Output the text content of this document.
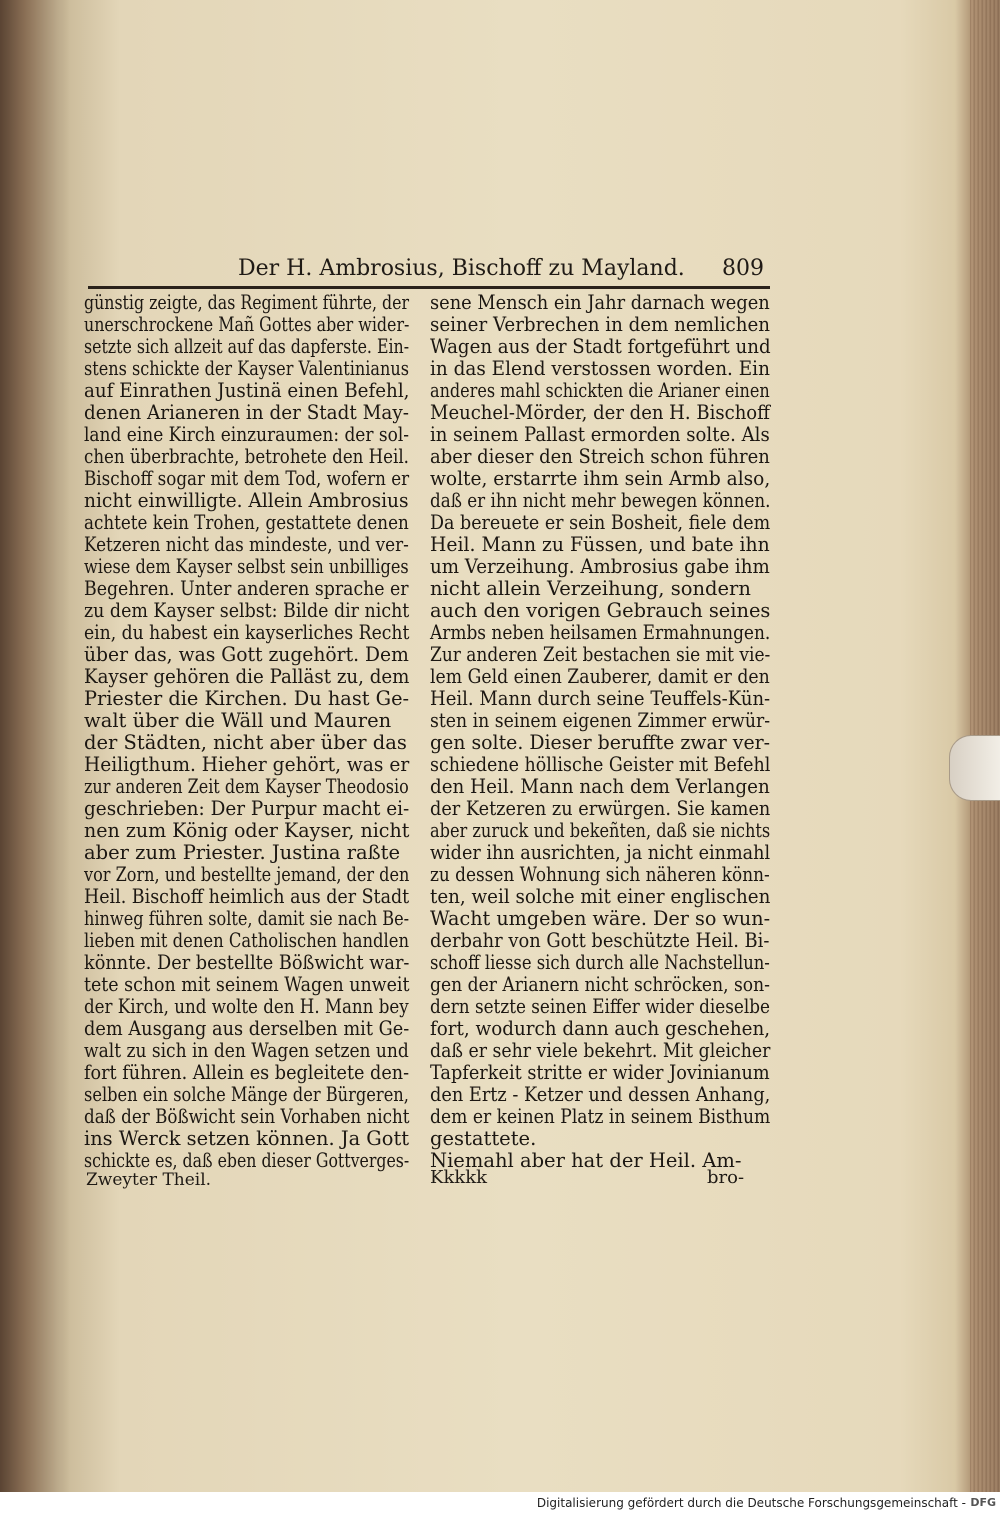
Der H. Ambrosius, Bischoff zu Mayland. 809
günstig zeigte, das Regiment führte, der
unerschrockene Mañ Gottes aber wider-
setzte sich allzeit auf das dapferste. Ein-
stens schickte der Kayser Valentinianus
auf Einrathen Justinä einen Befehl,
denen Arianeren in der Stadt May-
land eine Kirch einzuraumen: der sol-
chen überbrachte, betrohete den Heil.
Bischoff sogar mit dem Tod, wofern er
nicht einwilligte. Allein Ambrosius
achtete kein Trohen, gestattete denen
Ketzeren nicht das mindeste, und ver-
wiese dem Kayser selbst sein unbilliges
Begehren. Unter anderen sprache er
zu dem Kayser selbst: Bilde dir nicht
ein, du habest ein kayserliches Recht
über das, was Gott zugehört. Dem
Kayser gehören die Palläst zu, dem
Priester die Kirchen. Du hast Ge-
walt über die Wäll und Mauren
der Städten, nicht aber über das
Heiligthum. Hieher gehört, was er
zur anderen Zeit dem Kayser Theodosio
geschrieben: Der Purpur macht ei-
nen zum König oder Kayser, nicht
aber zum Priester. Justina raßte
vor Zorn, und bestellte jemand, der den
Heil. Bischoff heimlich aus der Stadt
hinweg führen solte, damit sie nach Be-
lieben mit denen Catholischen handlen
könnte. Der bestellte Bößwicht war-
tete schon mit seinem Wagen unweit
der Kirch, und wolte den H. Mann bey
dem Ausgang aus derselben mit Ge-
walt zu sich in den Wagen setzen und
fort führen. Allein es begleitete den-
selben ein solche Mänge der Bürgeren,
daß der Bößwicht sein Vorhaben nicht
ins Werck setzen können. Ja Gott
schickte es, daß eben dieser Gottverges-
sene Mensch ein Jahr darnach wegen
seiner Verbrechen in dem nemlichen
Wagen aus der Stadt fortgeführt und
in das Elend verstossen worden. Ein
anderes mahl schickten die Arianer einen
Meuchel-Mörder, der den H. Bischoff
in seinem Pallast ermorden solte. Als
aber dieser den Streich schon führen
wolte, erstarrte ihm sein Armb also,
daß er ihn nicht mehr bewegen können.
Da bereuete er sein Bosheit, fiele dem
Heil. Mann zu Füssen, und bate ihn
um Verzeihung. Ambrosius gabe ihm
nicht allein Verzeihung, sondern
auch den vorigen Gebrauch seines
Armbs neben heilsamen Ermahnungen.
Zur anderen Zeit bestachen sie mit vie-
lem Geld einen Zauberer, damit er den
Heil. Mann durch seine Teuffels-Kün-
sten in seinem eigenen Zimmer erwür-
gen solte. Dieser beruffte zwar ver-
schiedene höllische Geister mit Befehl
den Heil. Mann nach dem Verlangen
der Ketzeren zu erwürgen. Sie kamen
aber zuruck und bekeñten, daß sie nichts
wider ihn ausrichten, ja nicht einmahl
zu dessen Wohnung sich näheren könn-
ten, weil solche mit einer englischen
Wacht umgeben wäre. Der so wun-
derbahr von Gott beschützte Heil. Bi-
schoff liesse sich durch alle Nachstellun-
gen der Arianern nicht schröcken, son-
dern setzte seinen Eiffer wider dieselbe
fort, wodurch dann auch geschehen,
daß er sehr viele bekehrt. Mit gleicher
Tapferkeit stritte er wider Jovinianum
den Ertz - Ketzer und dessen Anhang,
dem er keinen Platz in seinem Bisthum
gestattete.
Niemahl aber hat der Heil. Am-
Zweyter Theil.	Kkkkk	bro-
Digitalisierung gefördert durch die Deutsche Forschungsgemeinschaft - DFG
